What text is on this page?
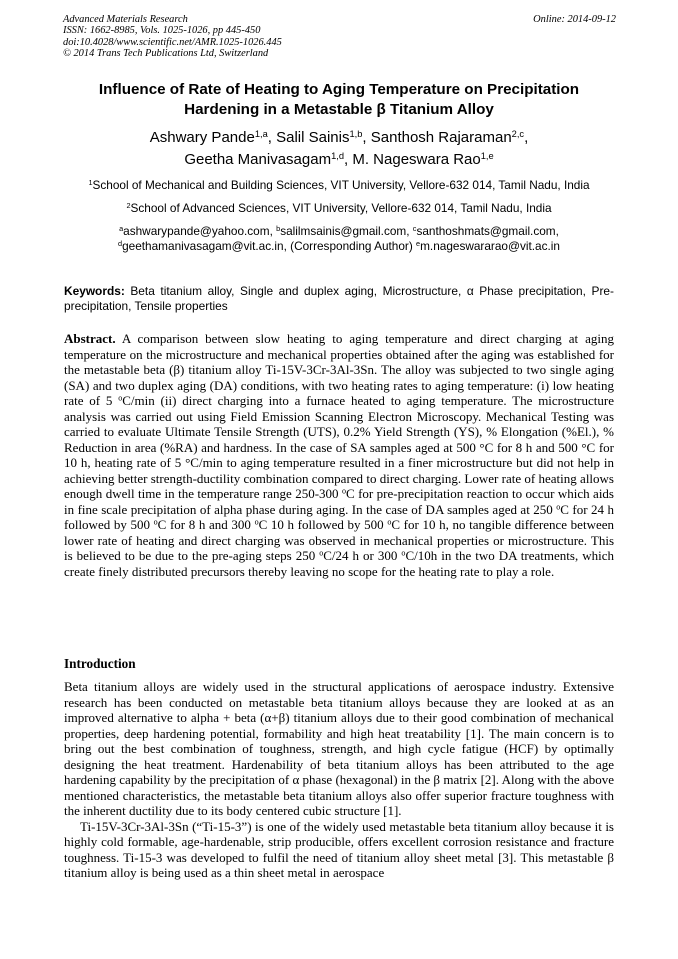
Advanced Materials Research
ISSN: 1662-8985, Vols. 1025-1026, pp 445-450
doi:10.4028/www.scientific.net/AMR.1025-1026.445
© 2014 Trans Tech Publications Ltd, Switzerland
Online: 2014-09-12
Influence of Rate of Heating to Aging Temperature on Precipitation
Hardening in a Metastable β Titanium Alloy
Ashwary Pande$^{1,a}$, Salil Sainis$^{1,b}$, Santhosh Rajaraman$^{2,c}$,
Geetha Manivasagam$^{1,d}$, M. Nageswara Rao$^{1,e}$
$^1$School of Mechanical and Building Sciences, VIT University, Vellore-632 014, Tamil Nadu, India
$^2$School of Advanced Sciences, VIT University, Vellore-632 014, Tamil Nadu, India
$^a$ashwarypande@yahoo.com, $^b$salilmsainis@gmail.com, $^c$santhoshmats@gmail.com,
$^d$geethamanivasagam@vit.ac.in, (Corresponding Author) $^e$m.nageswararao@vit.ac.in
Keywords: Beta titanium alloy, Single and duplex aging, Microstructure, α Phase precipitation, Pre-precipitation, Tensile properties
Abstract. A comparison between slow heating to aging temperature and direct charging at aging temperature on the microstructure and mechanical properties obtained after the aging was established for the metastable beta (β) titanium alloy Ti-15V-3Cr-3Al-3Sn. The alloy was subjected to two single aging (SA) and two duplex aging (DA) conditions, with two heating rates to aging temperature: (i) low heating rate of 5 $^o$C/min (ii) direct charging into a furnace heated to aging temperature. The microstructure analysis was carried out using Field Emission Scanning Electron Microscopy. Mechanical Testing was carried to evaluate Ultimate Tensile Strength (UTS), 0.2% Yield Strength (YS), % Elongation (%El.), % Reduction in area (%RA) and hardness. In the case of SA samples aged at 500 °C for 8 h and 500 °C for 10 h, heating rate of 5 °C/min to aging temperature resulted in a finer microstructure but did not help in achieving better strength-ductility combination compared to direct charging. Lower rate of heating allows enough dwell time in the temperature range 250-300 $^o$C for pre-precipitation reaction to occur which aids in fine scale precipitation of alpha phase during aging. In the case of DA samples aged at 250 $^o$C for 24 h followed by 500 $^o$C for 8 h and 300 $^o$C 10 h followed by 500 $^o$C for 10 h, no tangible difference between lower rate of heating and direct charging was observed in mechanical properties or microstructure. This is believed to be due to the pre-aging steps 250 $^o$C/24 h or 300 $^o$C/10h in the two DA treatments, which create finely distributed precursors thereby leaving no scope for the heating rate to play a role.
Introduction

Beta titanium alloys are widely used in the structural applications of aerospace industry. Extensive research has been conducted on metastable beta titanium alloys because they are looked at as an improved alternative to alpha + beta (α+β) titanium alloys due to their good combination of mechanical properties, deep hardening potential, formability and high heat treatability [1]. The main concern is to bring out the best combination of toughness, strength, and high cycle fatigue (HCF) by optimally designing the heat treatment. Hardenability of beta titanium alloys has been attributed to the age hardening capability by the precipitation of α phase (hexagonal) in the β matrix [2]. Along with the above mentioned characteristics, the metastable beta titanium alloys also offer superior fracture toughness with the inherent ductility due to its body centered cubic structure [1].

Ti-15V-3Cr-3Al-3Sn (“Ti-15-3”) is one of the widely used metastable beta titanium alloy because it is highly cold formable, age-hardenable, strip producible, offers excellent corrosion resistance and fracture toughness. Ti-15-3 was developed to fulfil the need of titanium alloy sheet metal [3]. This metastable β titanium alloy is being used as a thin sheet metal in aerospace
